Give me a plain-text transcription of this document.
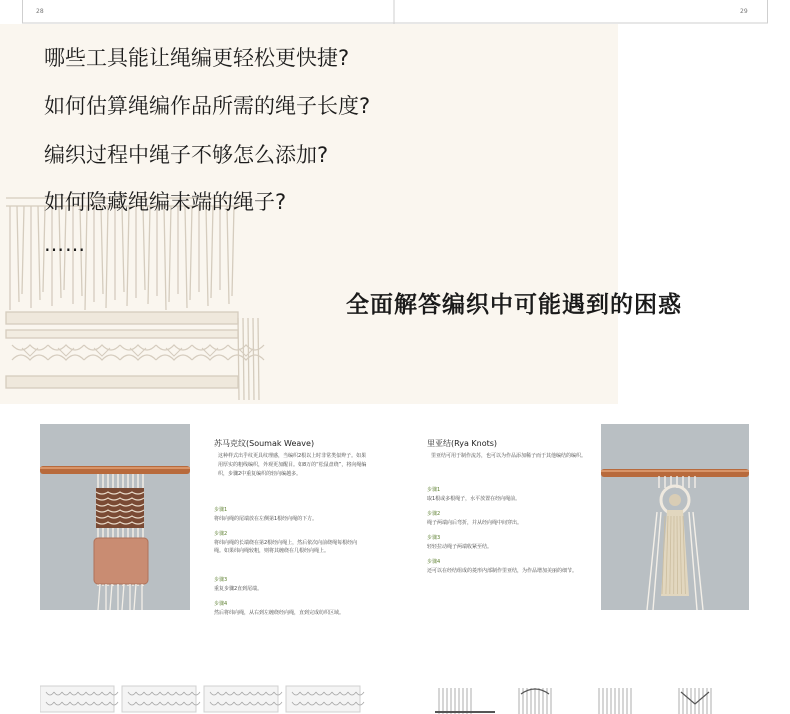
28	29
哪些工具能让绳编更轻松更快捷?
如何估算绳编作品所需的绳子长度?
编织过程中绳子不够怎么添加?
如何隐藏绳编末端的绳子?
……
全面解答编织中可能遇到的困惑
苏马克纹(Soumak Weave)
这种样式出乎纹更具纹理感，当编织2根以上时非常类似辫子。如果用厚实的粗线编织，外观更加醒目。如8万的“松鼠盘绕”，将向绳编织，步骤2中重复编织的轻向编越多。
步骤1
将纬向绳的尾端放在左侧第1根经向绳的下方。
步骤2
将纬向绳的长端绕在第2根经向绳上，然后依次向前绕绳每根经向绳。如果纬向绳较粗，则将其缠绕在几根经向绳上。
步骤3
重复步骤2直到尾端。
步骤4
然后将纬向绳，从右到左缠绕经向绳，直到完成纺织区域。
里亚结(Rya Knots)
里亚结可用于制作流苏，也可以为作品添加稀子而于其他编结的编织。
步骤1
取1根或多根绳子，水平放置在经向绳前。
步骤2
绳子两端向后弯折，并从经向绳中间穿出。
步骤3
轻轻拉动绳子两端收紧至结。
步骤4
还可以在经结组成的菱形内部制作里亚结，为作品增加美丽的细节。
